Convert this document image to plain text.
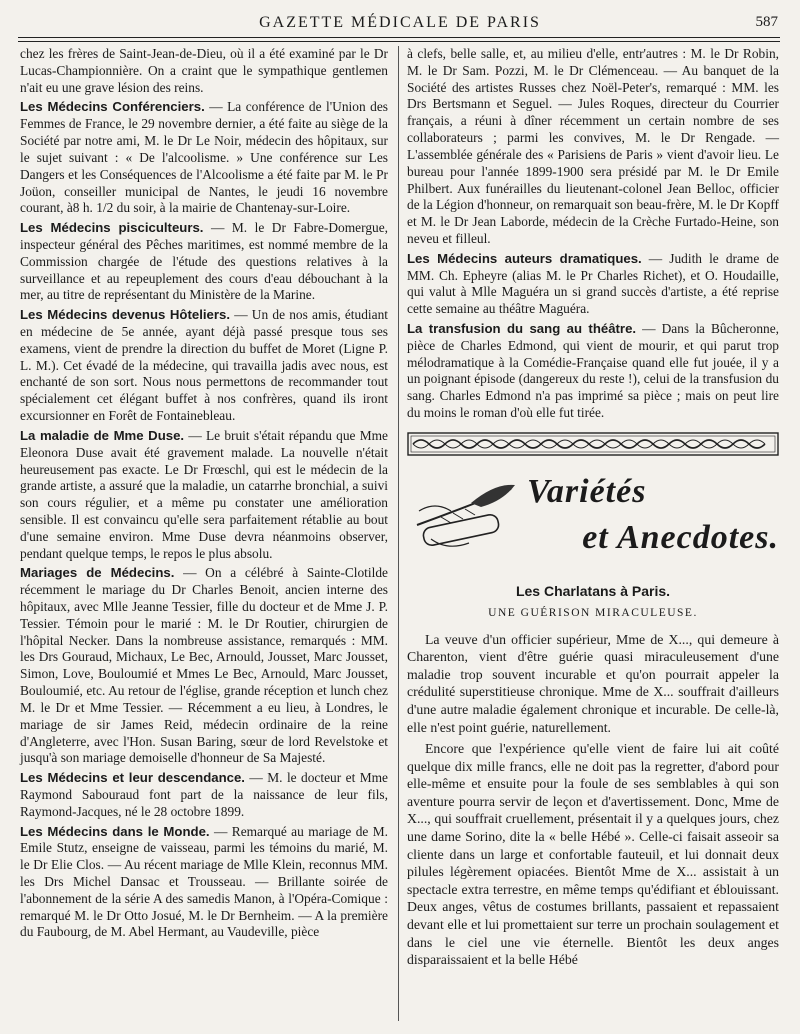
GAZETTE MÉDICALE DE PARIS	587

chez les frères de Saint-Jean-de-Dieu, où il a été examiné par le Dr Lucas-Championnière. On a craint que le sympathique gentlemen n'ait eu une grave lésion des reins.

Les Médecins Conférenciers. — La conférence de l'Union des Femmes de France, le 29 novembre dernier, a été faite au siège de la Société par notre ami, M. le Dr Le Noir, médecin des hôpitaux, sur le sujet suivant : « De l'alcoolisme. » Une conférence sur Les Dangers et les Conséquences de l'Alcoolisme a été faite par M. le Pr Joüon, conseiller municipal de Nantes, le jeudi 16 novembre courant, à8 h. 1/2 du soir, à la mairie de Chantenay-sur-Loire.

Les Médecins pisciculteurs. — M. le Dr Fabre-Domergue, inspecteur général des Pêches maritimes, est nommé membre de la Commission chargée de l'étude des questions relatives à la surveillance et au repeuplement des cours d'eau débouchant à la mer, au titre de représentant du Ministère de la Marine.

Les Médecins devenus Hôteliers. — Un de nos amis, étudiant en médecine de 5e année, ayant déjà passé presque tous ses examens, vient de prendre la direction du buffet de Moret (Ligne P. L. M.). Cet évadé de la médecine, qui travailla jadis avec nous, est enchanté de son sort. Nous nous permettons de recommander tout spécialement cet élégant buffet à nos confrères, quand ils iront excursionner en Forêt de Fontainebleau.

La maladie de Mme Duse. — Le bruit s'était répandu que Mme Eleonora Duse avait été gravement malade. La nouvelle n'était heureusement pas exacte. Le Dr Frœschl, qui est le médecin de la grande artiste, a assuré que la maladie, un catarrhe bronchial, a suivi son cours régulier, et a même pu constater une amélioration sensible. Il est convaincu qu'elle sera parfaitement rétablie au bout d'une semaine environ. Mme Duse devra néanmoins observer, pendant quelque temps, le repos le plus absolu.

Mariages de Médecins. — On a célébré à Sainte-Clotilde récemment le mariage du Dr Charles Benoit, ancien interne des hôpitaux, avec Mlle Jeanne Tessier, fille du docteur et de Mme J. P. Tessier. Témoin pour le marié : M. le Dr Routier, chirurgien de l'hôpital Necker. Dans la nombreuse assistance, remarqués : MM. les Drs Gouraud, Michaux, Le Bec, Arnould, Jousset, Marc Jousset, Simon, Love, Bouloumié et Mmes Le Bec, Arnould, Marc Jousset, Bouloumié, etc. Au retour de l'église, grande réception et lunch chez M. le Dr et Mme Tessier. — Récemment a eu lieu, à Londres, le mariage de sir James Reid, médecin ordinaire de la reine d'Angleterre, avec l'Hon. Susan Baring, sœur de lord Revelstoke et jusqu'à son mariage demoiselle d'honneur de Sa Majesté.

Les Médecins et leur descendance. — M. le docteur et Mme Raymond Sabouraud font part de la naissance de leur fils, Raymond-Jacques, né le 28 octobre 1899.

Les Médecins dans le Monde. — Remarqué au mariage de M. Emile Stutz, enseigne de vaisseau, parmi les témoins du marié, M. le Dr Elie Clos. — Au récent mariage de Mlle Klein, reconnus MM. les Drs Michel Dansac et Trousseau. — Brillante soirée de l'abonnement de la série A des samedis Manon, à l'Opéra-Comique : remarqué M. le Dr Otto Josué, M. le Dr Bernheim. — A la première du Faubourg, de M. Abel Hermant, au Vaudeville, pièce

à clefs, belle salle, et, au milieu d'elle, entr'autres : M. le Dr Robin, M. le Dr Sam. Pozzi, M. le Dr Clémenceau. — Au banquet de la Société des artistes Russes chez Noël-Peter's, remarqué : MM. les Drs Bertsmann et Seguel. — Jules Roques, directeur du Courrier français, a réuni à dîner récemment un certain nombre de ses collaborateurs ; parmi les convives, M. le Dr Rengade. — L'assemblée générale des « Parisiens de Paris » vient d'avoir lieu. Le bureau pour l'année 1899-1900 sera présidé par M. le Dr Emile Philbert. Aux funérailles du lieutenant-colonel Jean Belloc, officier de la Légion d'honneur, on remarquait son beau-frère, M. le Dr Kopff et M. le Dr Jean Laborde, médecin de la Crèche Furtado-Heine, son neveu et filleul.

Les Médecins auteurs dramatiques. — Judith le drame de MM. Ch. Epheyre (alias M. le Pr Charles Richet), et O. Houdaille, qui valut à Mlle Maguéra un si grand succès d'artiste, a été reprise cette semaine au théâtre Maguéra.

La transfusion du sang au théâtre. — Dans la Bûcheronne, pièce de Charles Edmond, qui vient de mourir, et qui parut trop mélodramatique à la Comédie-Française quand elle fut jouée, il y a un poignant épisode (dangereux du reste !), celui de la transfusion du sang. Charles Edmond n'a pas imprimé sa pièce ; mais on peut lire du moins le roman d'où elle fut tirée.

Variétés
et Anecdotes.
Les Charlatans à Paris.
UNE GUÉRISON MIRACULEUSE.

La veuve d'un officier supérieur, Mme de X..., qui demeure à Charenton, vient d'être guérie quasi miraculeusement d'une maladie trop souvent incurable et qu'on pourrait appeler la crédulité superstitieuse chronique. Mme de X... souffrait d'ailleurs d'une autre maladie également chronique et incurable. De celle-là, elle n'est point guérie, naturellement.

Encore que l'expérience qu'elle vient de faire lui ait coûté quelque dix mille francs, elle ne doit pas la regretter, d'abord pour elle-même et ensuite pour la foule de ses semblables à qui son aventure pourra servir de leçon et d'avertissement. Donc, Mme de X..., qui souffrait cruellement, présentait il y a quelques jours, chez une dame Sorino, dite la « belle Hébé ». Celle-ci faisait asseoir sa cliente dans un large et confortable fauteuil, et lui donnait deux pilules légèrement opiacées. Bientôt Mme de X... assistait à un spectacle extra terrestre, en même temps qu'édifiant et éblouissant. Deux anges, vêtus de costumes brillants, passaient et repassaient devant elle et lui promettaient sur terre un prochain soulagement et dans le ciel une vie éternelle. Bientôt les deux anges disparaissaient et la belle Hébé
